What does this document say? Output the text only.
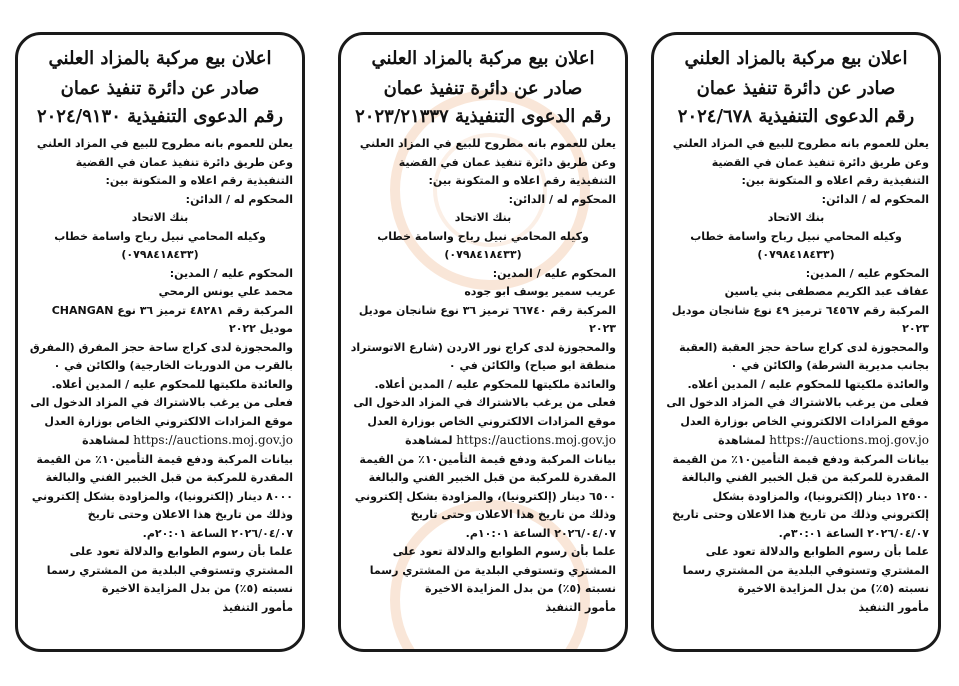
اعلان بيع مركبة بالمزاد العلني
صادر عن دائرة تنفيذ عمان
رقم الدعوى التنفيذية ٢٠٢٤/٦٧٨

يعلن للعموم بانه مطروح للبيع في المزاد العلني وعن طريق دائرة تنفيذ عمان في القضية التنفيذية رقم اعلاه و المتكونة بين:

المحكوم له / الدائن:

بنك الاتحاد

وكيله المحامي نبيل رباح واسامة خطاب

(٠٧٩٨٤١٨٤٣٣)

المحكوم عليه / المدين:

عفاف عبد الكريم مصطفى بني ياسين

المركبة رقم ٦٤٥٦٧ ترميز ٤٩ نوع شانجان موديل ٢٠٢٣

والمحجوزة لدى كراج ساحة حجز العقبة (العقبة بجانب مديرية الشرطة) والكائن في ٠

والعائدة ملكيتها للمحكوم عليه / المدين أعلاه.

فعلى من يرغب بالاشتراك في المزاد الدخول الى موقع المزادات الالكتروني الخاص بوزارة العدل

https://auctions.moj.gov.jo لمشاهدة

بيانات المركبة ودفع قيمة التأمين١٠٪ من القيمة المقدرة للمركبة من قبل الخبير الفني والبالغة ١٢٥٠٠ دينار (إلكترونيا)، والمزاودة بشكل إلكتروني وذلك من تاريخ هذا الاعلان وحتى تاريخ ٢٠٢٦/٠٤/٠٧ الساعة ٣٠:٠١م.

علما بأن رسوم الطوابع والدلالة تعود على المشتري وتستوفي البلدية من المشتري رسما نسبته (٥٪) من بدل المزايدة الاخيرة

مأمور التنفيذ

اعلان بيع مركبة بالمزاد العلني
صادر عن دائرة تنفيذ عمان
رقم الدعوى التنفيذية ٢٠٢٣/٢١٣٣٧

يعلن للعموم بانه مطروح للبيع في المزاد العلني وعن طريق دائرة تنفيذ عمان في القضية التنفيذية رقم اعلاه و المتكونة بين:

المحكوم له / الدائن:

بنك الاتحاد

وكيله المحامي نبيل رباح واسامة خطاب

(٠٧٩٨٤١٨٤٣٣)

المحكوم عليه / المدين:

عريب سمير يوسف ابو جوده

المركبة رقم ٦٦٧٤٠ ترميز ٣٦ نوع شانجان موديل ٢٠٢٣

والمحجوزة لدى كراج نور الاردن (شارع الاتوستراد منطقة ابو صياح) والكائن في ٠

والعائدة ملكيتها للمحكوم عليه / المدين أعلاه.

فعلى من يرغب بالاشتراك في المزاد الدخول الى موقع المزادات الالكتروني الخاص بوزارة العدل

https://auctions.moj.gov.jo لمشاهدة

بيانات المركبة ودفع قيمة التأمين١٠٪ من القيمة المقدرة للمركبة من قبل الخبير الفني والبالغة ٦٥٠٠ دينار (إلكترونيا)، والمزاودة بشكل إلكتروني وذلك من تاريخ هذا الاعلان وحتى تاريخ ٢٠٢٦/٠٤/٠٧ الساعة ١٠:٠١م.

علما بأن رسوم الطوابع والدلالة تعود على المشتري وتستوفي البلدية من المشتري رسما نسبته (٥٪) من بدل المزايدة الاخيرة

مأمور التنفيذ

اعلان بيع مركبة بالمزاد العلني
صادر عن دائرة تنفيذ عمان
رقم الدعوى التنفيذية ٢٠٢٤/٩١٣٠

يعلن للعموم بانه مطروح للبيع في المزاد العلني وعن طريق دائرة تنفيذ عمان في القضية التنفيذية رقم اعلاه و المتكونة بين:

المحكوم له / الدائن:

بنك الاتحاد

وكيله المحامي نبيل رباح واسامة خطاب

(٠٧٩٨٤١٨٤٣٣)

المحكوم عليه / المدين:

محمد علي يونس الرمحي

المركبة رقم ٤٨٢٨١ ترميز ٣٦ نوع CHANGAN موديل ٢٠٢٢

والمحجوزة لدى كراج ساحة حجز المفرق (المفرق بالقرب من الدوريات الخارجية) والكائن في ٠

والعائدة ملكيتها للمحكوم عليه / المدين أعلاه.

فعلى من يرغب بالاشتراك في المزاد الدخول الى موقع المزادات الالكتروني الخاص بوزارة العدل

https://auctions.moj.gov.jo لمشاهدة

بيانات المركبة ودفع قيمة التأمين١٠٪ من القيمة المقدرة للمركبة من قبل الخبير الفني والبالغة ٨٠٠٠ دينار (إلكترونيا)، والمزاودة بشكل إلكتروني وذلك من تاريخ هذا الاعلان وحتى تاريخ ٢٠٢٦/٠٤/٠٧ الساعة ٢٠:٠١م.

علما بأن رسوم الطوابع والدلالة تعود على المشتري وتستوفي البلدية من المشتري رسما نسبته (٥٪) من بدل المزايدة الاخيرة

مأمور التنفيذ
